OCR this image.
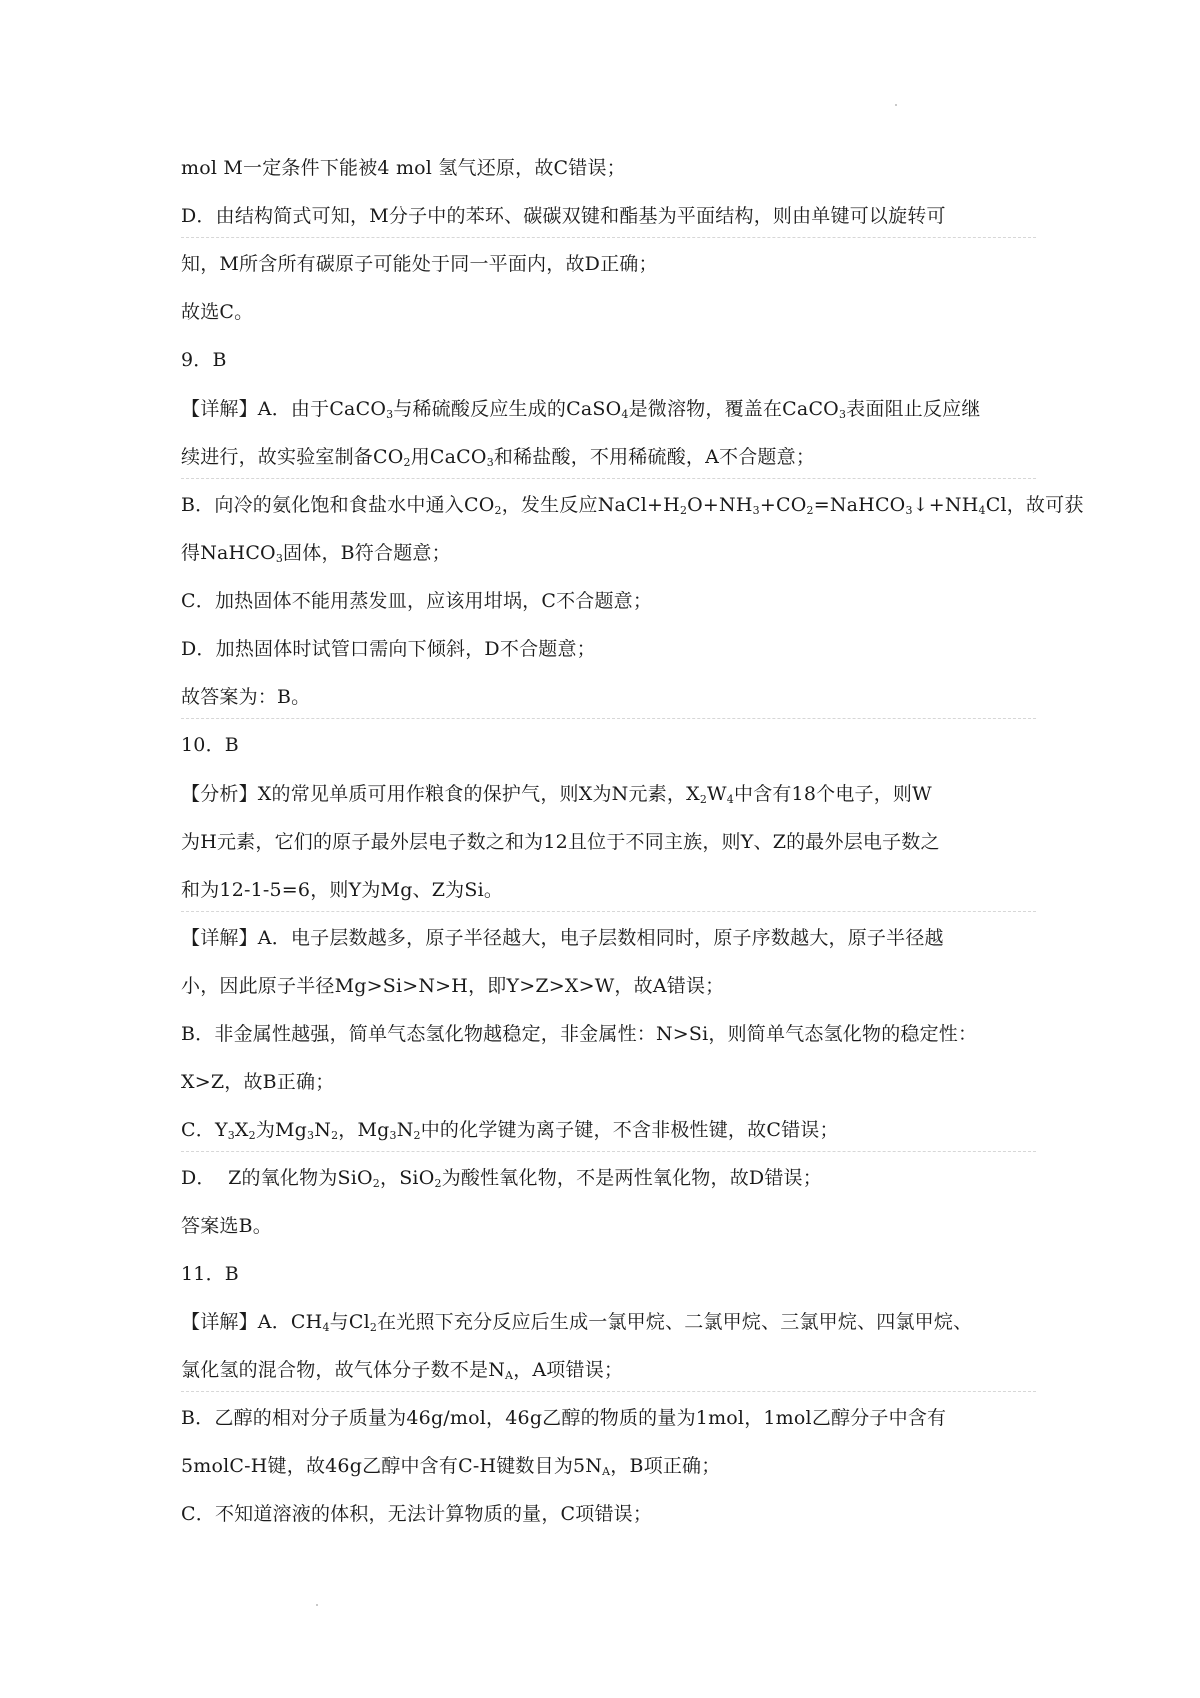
mol M一定条件下能被4 mol 氢气还原，故C错误；
D．由结构简式可知，M分子中的苯环、碳碳双键和酯基为平面结构，则由单键可以旋转可
知，M所含所有碳原子可能处于同一平面内，故D正确；
故选C。
9．B
【详解】A．由于CaCO$_3$与稀硫酸反应生成的CaSO$_4$是微溶物，覆盖在CaCO$_3$表面阻止反应继
续进行，故实验室制备$CO_2$用CaCO$_3$和稀盐酸，不用稀硫酸，A不合题意；
B．向冷的氨化饱和食盐水中通入$CO_2$，发生反应$NaCl+H_2O+NH_3+CO_2=NaHCO_3↓+NH_4Cl$，故可获
得NaHCO$_3$固体，B符合题意；
C．加热固体不能用蒸发皿，应该用坩埚，C不合题意；
D．加热固体时试管口需向下倾斜，D不合题意；
故答案为：B。
10．B
【分析】X的常见单质可用作粮食的保护气，则X为N元素，$X_2W_4$中含有18个电子，则W
为H元素，它们的原子最外层电子数之和为12且位于不同主族，则Y、Z的最外层电子数之
和为12-1-5=6，则Y为Mg、Z为Si。
【详解】A．电子层数越多，原子半径越大，电子层数相同时，原子序数越大，原子半径越
小，因此原子半径Mg>Si>N>H，即Y>Z>X>W，故A错误；
B．非金属性越强，简单气态氢化物越稳定，非金属性：N>Si，则简单气态氢化物的稳定性：
X>Z，故B正确；
C．$Y_3X_2$为$Mg_3N_2$，$Mg_3N_2$中的化学键为离子键，不含非极性键，故C错误；
D．  Z的氧化物为SiO$_2$，SiO$_2$为酸性氧化物，不是两性氧化物，故D错误；
答案选B。
11．B
【详解】A．$CH_4$与$Cl_2$在光照下充分反应后生成一氯甲烷、二氯甲烷、三氯甲烷、四氯甲烷、
氯化氢的混合物，故气体分子数不是$N_A$，A项错误；
B．乙醇的相对分子质量为46g/mol，46g乙醇的物质的量为1mol，1mol乙醇分子中含有
5molC-H键，故46g乙醇中含有C-H键数目为$5N_A$，B项正确；
C．不知道溶液的体积，无法计算物质的量，C项错误；
